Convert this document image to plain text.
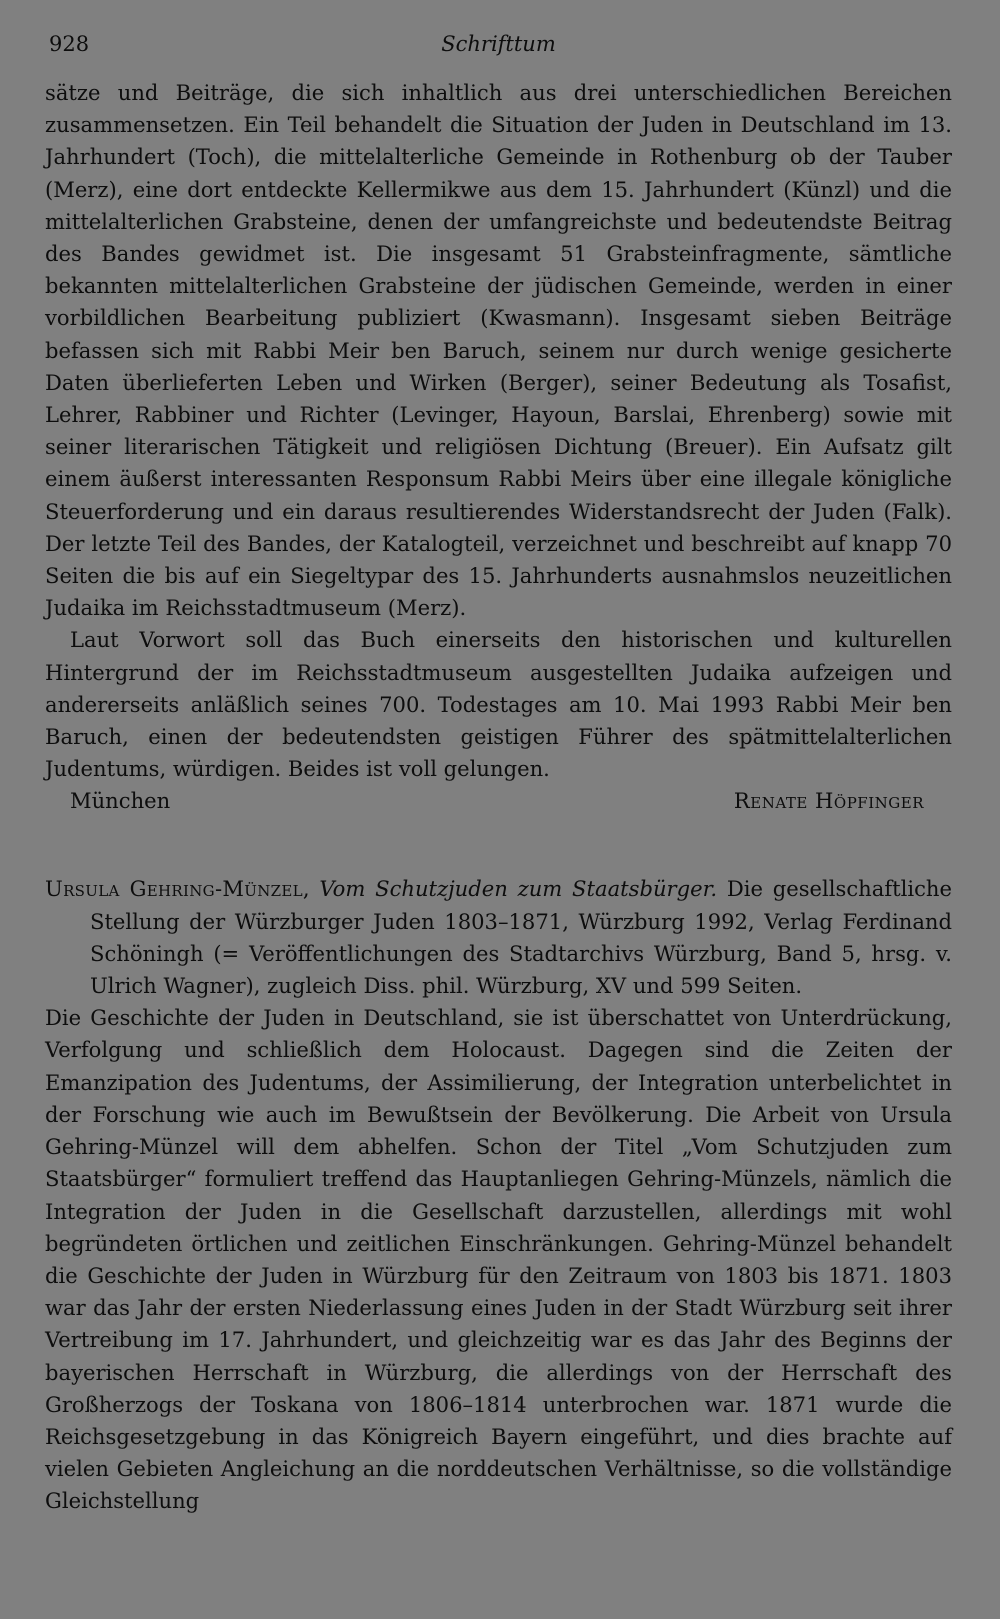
928	Schrifttum

sätze und Beiträge, die sich inhaltlich aus drei unterschiedlichen Bereichen zusammensetzen. Ein Teil behandelt die Situation der Juden in Deutschland im 13. Jahrhundert (Toch), die mittelalterliche Gemeinde in Rothenburg ob der Tauber (Merz), eine dort entdeckte Kellermikwe aus dem 15. Jahrhundert (Künzl) und die mittelalterlichen Grabsteine, denen der umfangreichste und bedeutendste Beitrag des Bandes gewidmet ist. Die insgesamt 51 Grabsteinfragmente, sämtliche bekannten mittelalterlichen Grabsteine der jüdischen Gemeinde, werden in einer vorbildlichen Bearbeitung publiziert (Kwasmann). Insgesamt sieben Beiträge befassen sich mit Rabbi Meir ben Baruch, seinem nur durch wenige gesicherte Daten überlieferten Leben und Wirken (Berger), seiner Bedeutung als Tosafist, Lehrer, Rabbiner und Richter (Levinger, Hayoun, Barslai, Ehrenberg) sowie mit seiner literarischen Tätigkeit und religiösen Dichtung (Breuer). Ein Aufsatz gilt einem äußerst interessanten Responsum Rabbi Meirs über eine illegale königliche Steuerforderung und ein daraus resultierendes Widerstandsrecht der Juden (Falk). Der letzte Teil des Bandes, der Katalogteil, verzeichnet und beschreibt auf knapp 70 Seiten die bis auf ein Siegeltypar des 15. Jahrhunderts ausnahmslos neuzeitlichen Judaika im Reichsstadtmuseum (Merz).

Laut Vorwort soll das Buch einerseits den historischen und kulturellen Hintergrund der im Reichsstadtmuseum ausgestellten Judaika aufzeigen und andererseits anläßlich seines 700. Todestages am 10. Mai 1993 Rabbi Meir ben Baruch, einen der bedeutendsten geistigen Führer des spätmittelalterlichen Judentums, würdigen. Beides ist voll gelungen.

München	Renate Höpfinger

Ursula Gehring-Münzel, Vom Schutzjuden zum Staatsbürger. Die gesellschaftliche Stellung der Würzburger Juden 1803–1871, Würzburg 1992, Verlag Ferdinand Schöningh (= Veröffentlichungen des Stadtarchivs Würzburg, Band 5, hrsg. v. Ulrich Wagner), zugleich Diss. phil. Würzburg, XV und 599 Seiten.

Die Geschichte der Juden in Deutschland, sie ist überschattet von Unterdrückung, Verfolgung und schließlich dem Holocaust. Dagegen sind die Zeiten der Emanzipation des Judentums, der Assimilierung, der Integration unterbelichtet in der Forschung wie auch im Bewußtsein der Bevölkerung. Die Arbeit von Ursula Gehring-Münzel will dem abhelfen. Schon der Titel „Vom Schutzjuden zum Staatsbürger“ formuliert treffend das Hauptanliegen Gehring-Münzels, nämlich die Integration der Juden in die Gesellschaft darzustellen, allerdings mit wohl begründeten örtlichen und zeitlichen Einschränkungen. Gehring-Münzel behandelt die Geschichte der Juden in Würzburg für den Zeitraum von 1803 bis 1871. 1803 war das Jahr der ersten Niederlassung eines Juden in der Stadt Würzburg seit ihrer Vertreibung im 17. Jahrhundert, und gleichzeitig war es das Jahr des Beginns der bayerischen Herrschaft in Würzburg, die allerdings von der Herrschaft des Großherzogs der Toskana von 1806–1814 unterbrochen war. 1871 wurde die Reichsgesetzgebung in das Königreich Bayern eingeführt, und dies brachte auf vielen Gebieten Angleichung an die norddeutschen Verhältnisse, so die vollständige Gleichstellung
